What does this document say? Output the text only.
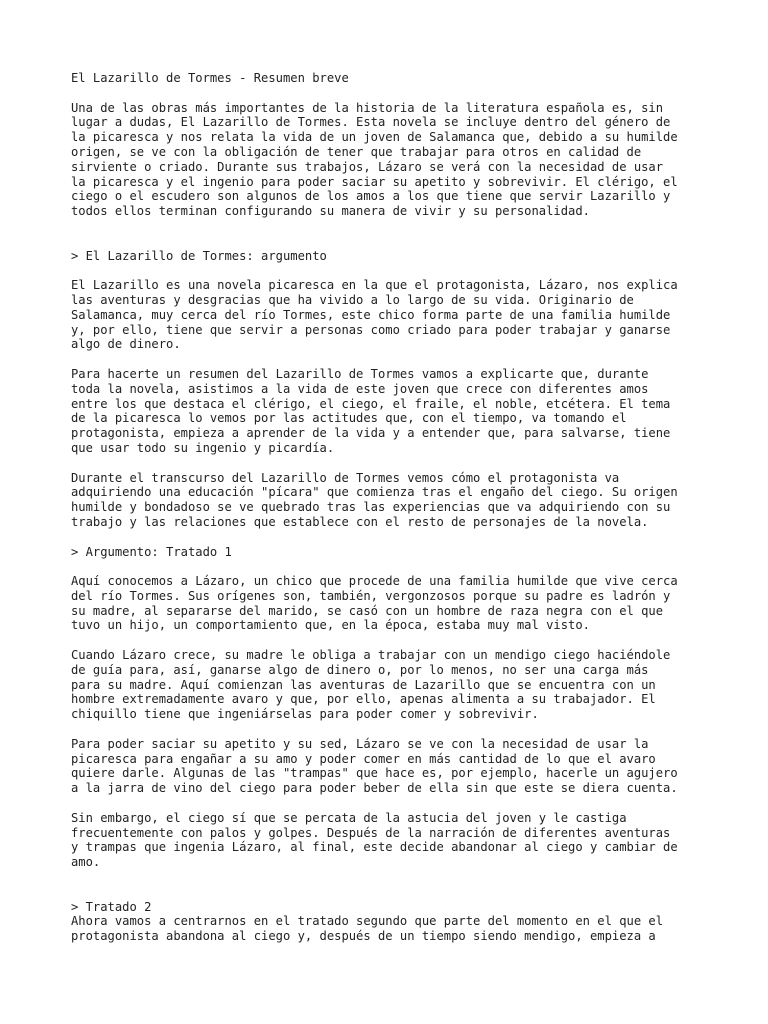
El Lazarillo de Tormes - Resumen breve

Una de las obras más importantes de la historia de la literatura española es, sin
lugar a dudas, El Lazarillo de Tormes. Esta novela se incluye dentro del género de
la picaresca y nos relata la vida de un joven de Salamanca que, debido a su humilde
origen, se ve con la obligación de tener que trabajar para otros en calidad de
sirviente o criado. Durante sus trabajos, Lázaro se verá con la necesidad de usar
la picaresca y el ingenio para poder saciar su apetito y sobrevivir. El clérigo, el
ciego o el escudero son algunos de los amos a los que tiene que servir Lazarillo y
todos ellos terminan configurando su manera de vivir y su personalidad.

> El Lazarillo de Tormes: argumento

El Lazarillo es una novela picaresca en la que el protagonista, Lázaro, nos explica
las aventuras y desgracias que ha vivido a lo largo de su vida. Originario de
Salamanca, muy cerca del río Tormes, este chico forma parte de una familia humilde
y, por ello, tiene que servir a personas como criado para poder trabajar y ganarse
algo de dinero.

Para hacerte un resumen del Lazarillo de Tormes vamos a explicarte que, durante
toda la novela, asistimos a la vida de este joven que crece con diferentes amos
entre los que destaca el clérigo, el ciego, el fraile, el noble, etcétera. El tema
de la picaresca lo vemos por las actitudes que, con el tiempo, va tomando el
protagonista, empieza a aprender de la vida y a entender que, para salvarse, tiene
que usar todo su ingenio y picardía.

Durante el transcurso del Lazarillo de Tormes vemos cómo el protagonista va
adquiriendo una educación "pícara" que comienza tras el engaño del ciego. Su origen
humilde y bondadoso se ve quebrado tras las experiencias que va adquiriendo con su
trabajo y las relaciones que establece con el resto de personajes de la novela.

> Argumento: Tratado 1

Aquí conocemos a Lázaro, un chico que procede de una familia humilde que vive cerca
del río Tormes. Sus orígenes son, también, vergonzosos porque su padre es ladrón y
su madre, al separarse del marido, se casó con un hombre de raza negra con el que
tuvo un hijo, un comportamiento que, en la época, estaba muy mal visto.

Cuando Lázaro crece, su madre le obliga a trabajar con un mendigo ciego haciéndole
de guía para, así, ganarse algo de dinero o, por lo menos, no ser una carga más
para su madre. Aquí comienzan las aventuras de Lazarillo que se encuentra con un
hombre extremadamente avaro y que, por ello, apenas alimenta a su trabajador. El
chiquillo tiene que ingeniárselas para poder comer y sobrevivir.

Para poder saciar su apetito y su sed, Lázaro se ve con la necesidad de usar la
picaresca para engañar a su amo y poder comer en más cantidad de lo que el avaro
quiere darle. Algunas de las "trampas" que hace es, por ejemplo, hacerle un agujero
a la jarra de vino del ciego para poder beber de ella sin que este se diera cuenta.

Sin embargo, el ciego sí que se percata de la astucia del joven y le castiga
frecuentemente con palos y golpes. Después de la narración de diferentes aventuras
y trampas que ingenia Lázaro, al final, este decide abandonar al ciego y cambiar de
amo.

> Tratado 2

Ahora vamos a centrarnos en el tratado segundo que parte del momento en el que el
protagonista abandona al ciego y, después de un tiempo siendo mendigo, empieza a
